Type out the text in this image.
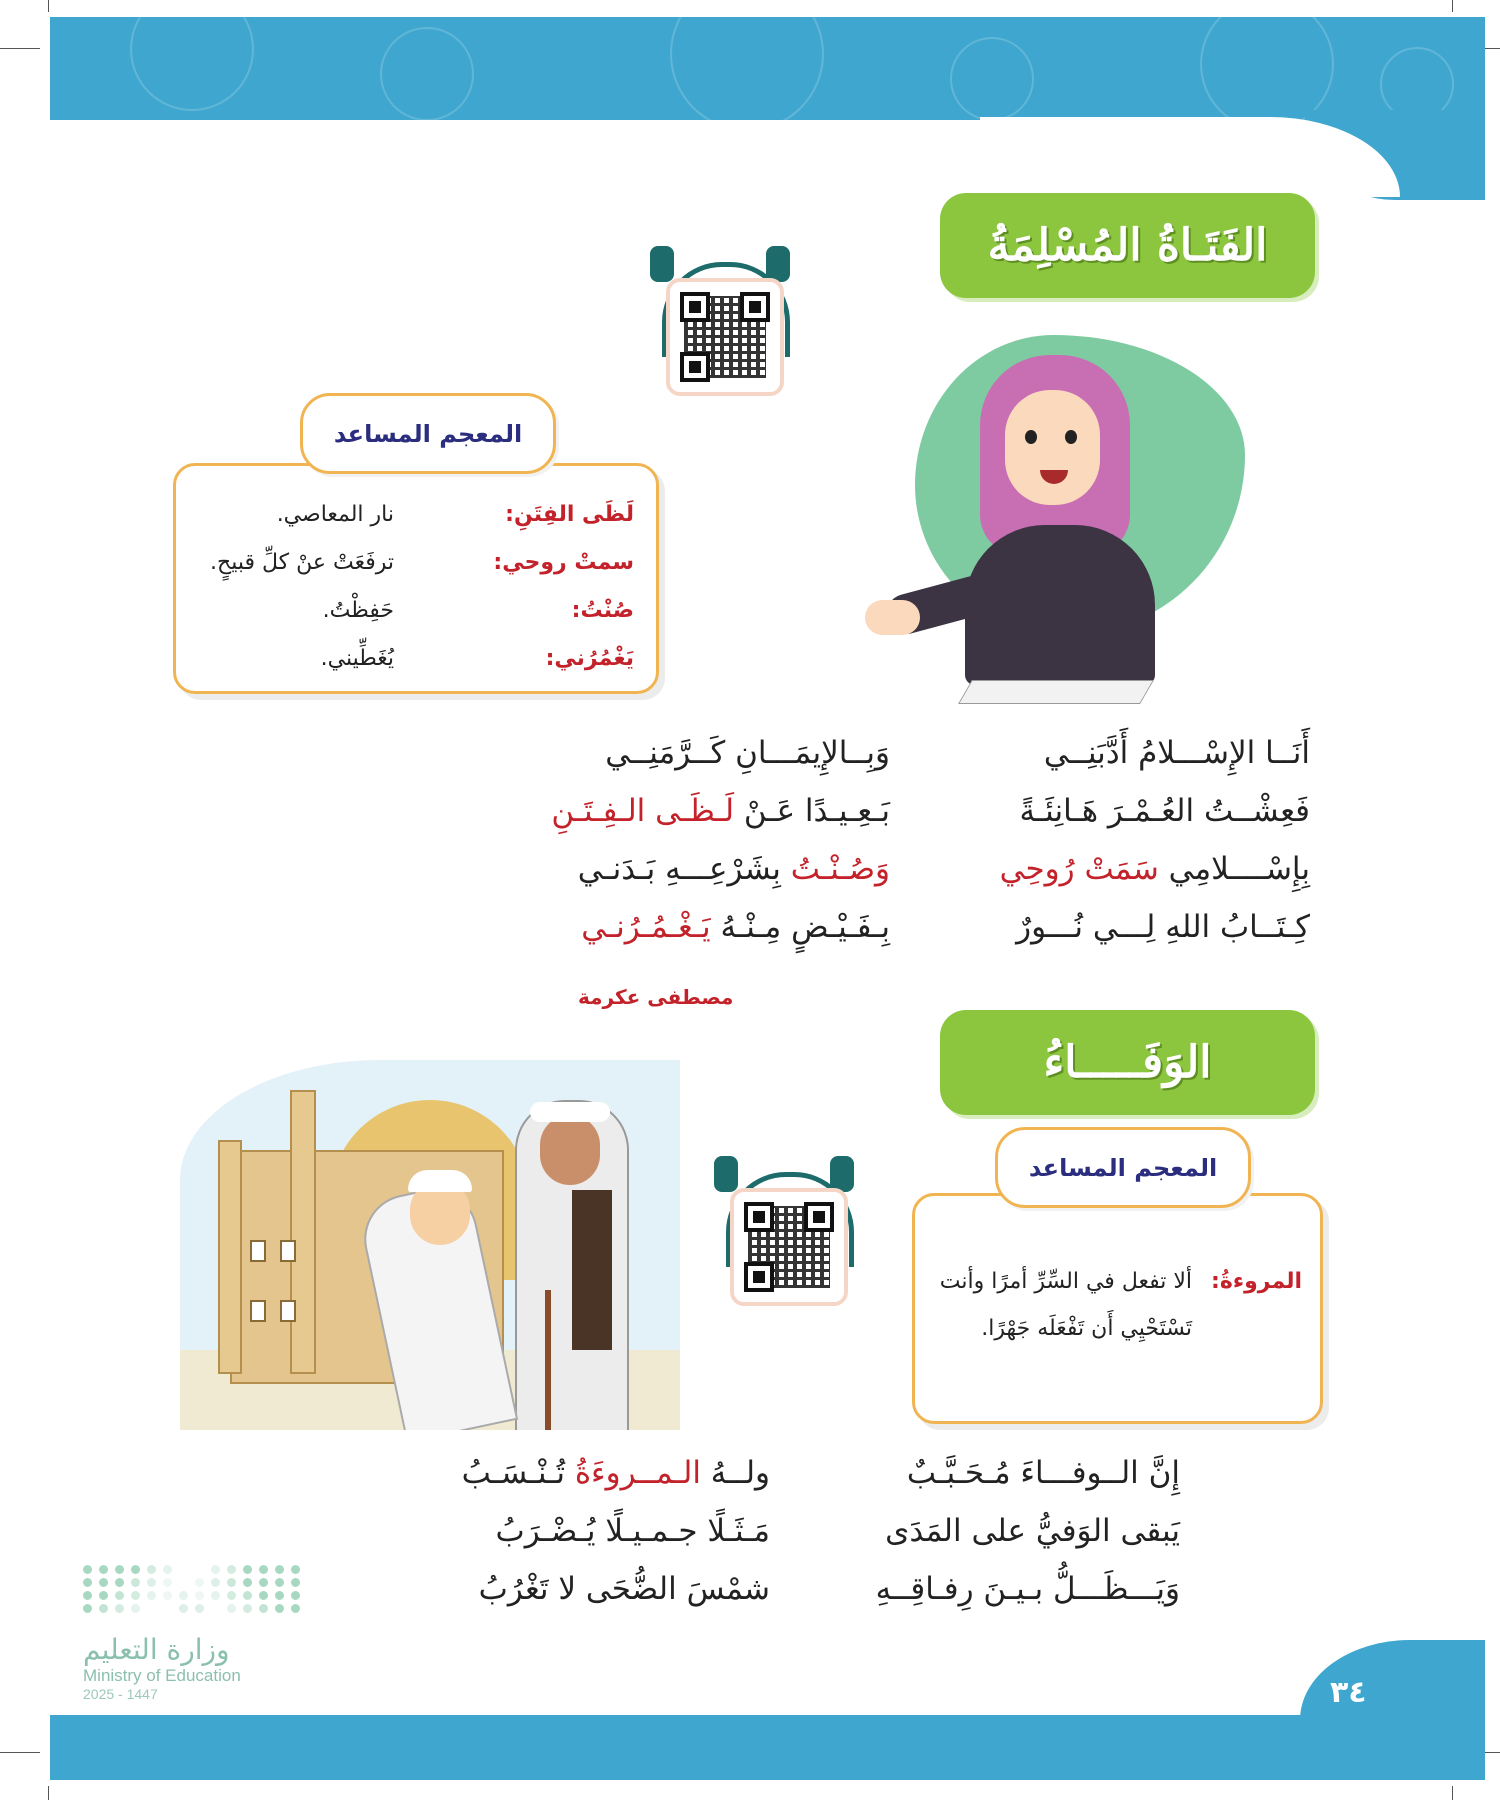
الفَتَـاةُ المُسْلِمَةُ
لَظَى الفِتَنِ:
نار المعاصي.
سمتْ روحي:
ترفَعَتْ عنْ كلِّ قبيحٍ.
صُنْتُ:
حَفِظْتُ.
يَغْمُرُني:
يُغَطِّيني.
المعجم المساعد
أَنَــا الإِسْـــلامُ أَدَّبَنِــي
وَبِــالإِيمَـــانِ كَــرَّمَنِــي
فَعِشْــتُ العُـمْـرَ هَـانِئَـةً
بَـعِـيـدًا عَـنْ لَـظَـى الـفِـتَـنِ
بِإِسْــــلامِي سَمَتْ رُوحِي
وَصُـنْـتُ بِشَرْعِـــهِ بَـدَنـي
كِـتَــابُ اللهِ لِـــي نُـــورٌ
بِـفَـيْـضٍ مِـنْـهُ يَـغْـمُـرُنـي
مصطفى عكرمة
الوَفَـــــاءُ
المروءةُ:
ألا تفعل في السِّرِّ أمرًا وأنت
تَسْتَحْيِي أَن تَفْعَلَه جَهْرًا.
المعجم المساعد
إِنَّ الــوفـــاءَ مُـحَـبَّـبٌ
ولــهُ الـمــروءَةُ تُـنْـسَـبُ
يَبقى الوَفيُّ على المَدَى
مَـثَـلًا جـمـيـلًا يُـضْـرَبُ
وَيَـــظَـــلُّ بـيـنَ رِفـاقِــهِ
شمْسَ الضُّحَى لا تَغْرُبُ
٣٤
وزارة التعليم
Ministry of Education
2025 - 1447
